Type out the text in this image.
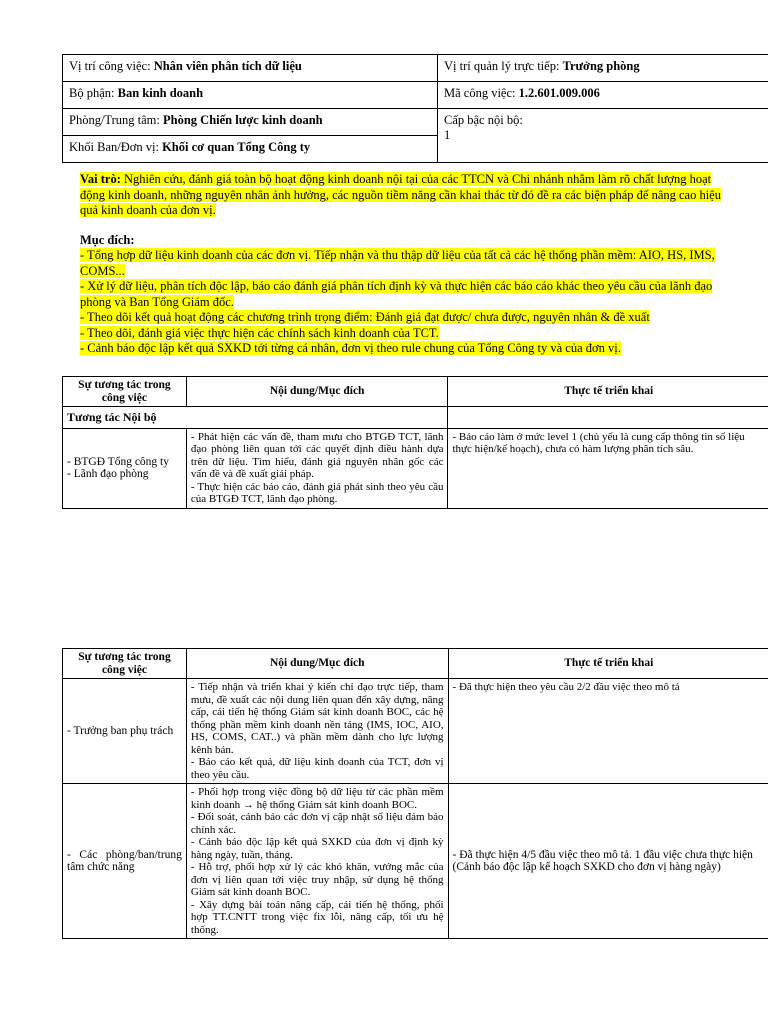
Vị trí công việc: Nhân viên phân tích dữ liệu	Vị trí quản lý trực tiếp: Trưởng phòng
Bộ phận: Ban kinh doanh	Mã công việc: 1.2.601.009.006
Phòng/Trung tâm: Phòng Chiến lược kinh doanh	Cấp bậc nội bộ:
1

Khối Ban/Đơn vị: Khối cơ quan Tổng Công ty	
Vai trò: Nghiên cứu, đánh giá toàn bộ hoạt động kinh doanh nội tại của các TTCN và Chi nhánh nhằm làm rõ chất lượng hoạt động kinh doanh, những nguyên nhân ảnh hưởng, các nguồn tiềm năng cần khai thác từ đó đề ra các biện pháp để nâng cao hiệu quả kinh doanh của đơn vị.
Mục đích:
- Tổng hợp dữ liệu kinh doanh của các đơn vị. Tiếp nhận và thu thập dữ liệu của tất cả các hệ thống phần mềm: AIO, HS, IMS, COMS...
- Xử lý dữ liệu, phân tích độc lập, báo cáo đánh giá phân tích định kỳ và thực hiện các báo cáo khác theo yêu cầu của lãnh đạo phòng và Ban Tổng Giám đốc.
- Theo dõi kết quả hoạt động các chương trình trọng điểm: Đánh giá đạt được/ chưa được, nguyên nhân & đề xuất
- Theo dõi, đánh giá việc thực hiện các chính sách kinh doanh của TCT.
- Cảnh báo độc lập kết quả SXKD tới từng cá nhân, đơn vị theo rule chung của Tổng Công ty và của đơn vị.
Sự tương tác trong công việc	Nội dung/Mục đích	Thực tế triển khai
Tương tác Nội bộ		

- BTGĐ Tổng công ty
- Lãnh đạo phòng	- Phát hiện các vấn đề, tham mưu cho BTGĐ TCT, lãnh đạo phòng liên quan tới các quyết định điều hành dựa trên dữ liệu. Tìm hiểu, đánh giá nguyên nhân gốc các vấn đề và đề xuất giải pháp.
- Thực hiện các báo cáo, đánh giá phát sinh theo yêu cầu của BTGĐ TCT, lãnh đạo phòng.	- Báo cáo làm ở mức level 1 (chủ yếu là cung cấp thông tin số liệu thực hiện/kế hoạch), chưa có hàm lượng phân tích sâu.
Sự tương tác trong công việc	Nội dung/Mục đích	Thực tế triển khai
- Trưởng ban phụ trách	- Tiếp nhận và triển khai ý kiến chỉ đạo trực tiếp, tham mưu, đề xuất các nội dung liên quan đến xây dựng, nâng cấp, cải tiến hệ thống Giám sát kinh doanh BOC, các hệ thống phần mềm kinh doanh nền tảng (IMS, IOC, AIO, HS, COMS, CAT..) và phần mềm dành cho lực lượng kênh bán.
- Báo cáo kết quả, dữ liệu kinh doanh của TCT, đơn vị theo yêu cầu.	- Đã thực hiện theo yêu cầu 2/2 đầu việc theo mô tả
- Các phòng/ban/trung tâm chức năng	- Phối hợp trong việc đồng bộ dữ liệu từ các phần mềm kinh doanh → hệ thống Giám sát kinh doanh BOC.
- Đối soát, cảnh báo các đơn vị cập nhật số liệu đảm bảo chính xác.
- Cảnh báo độc lập kết quả SXKD của đơn vị định kỳ hàng ngày, tuần, tháng.
- Hỗ trợ, phối hợp xử lý các khó khăn, vướng mắc của đơn vị liên quan tới việc truy nhập, sử dụng hệ thống Giám sát kinh doanh BOC.
- Xây dựng bài toán nâng cấp, cải tiến hệ thống, phối hợp TT.CNTT trong việc fix lỗi, nâng cấp, tối ưu hệ thống.	- Đã thực hiện 4/5 đầu việc theo mô tả. 1 đầu việc chưa thực hiện (Cảnh báo độc lập kế hoạch SXKD cho đơn vị hàng ngày)
